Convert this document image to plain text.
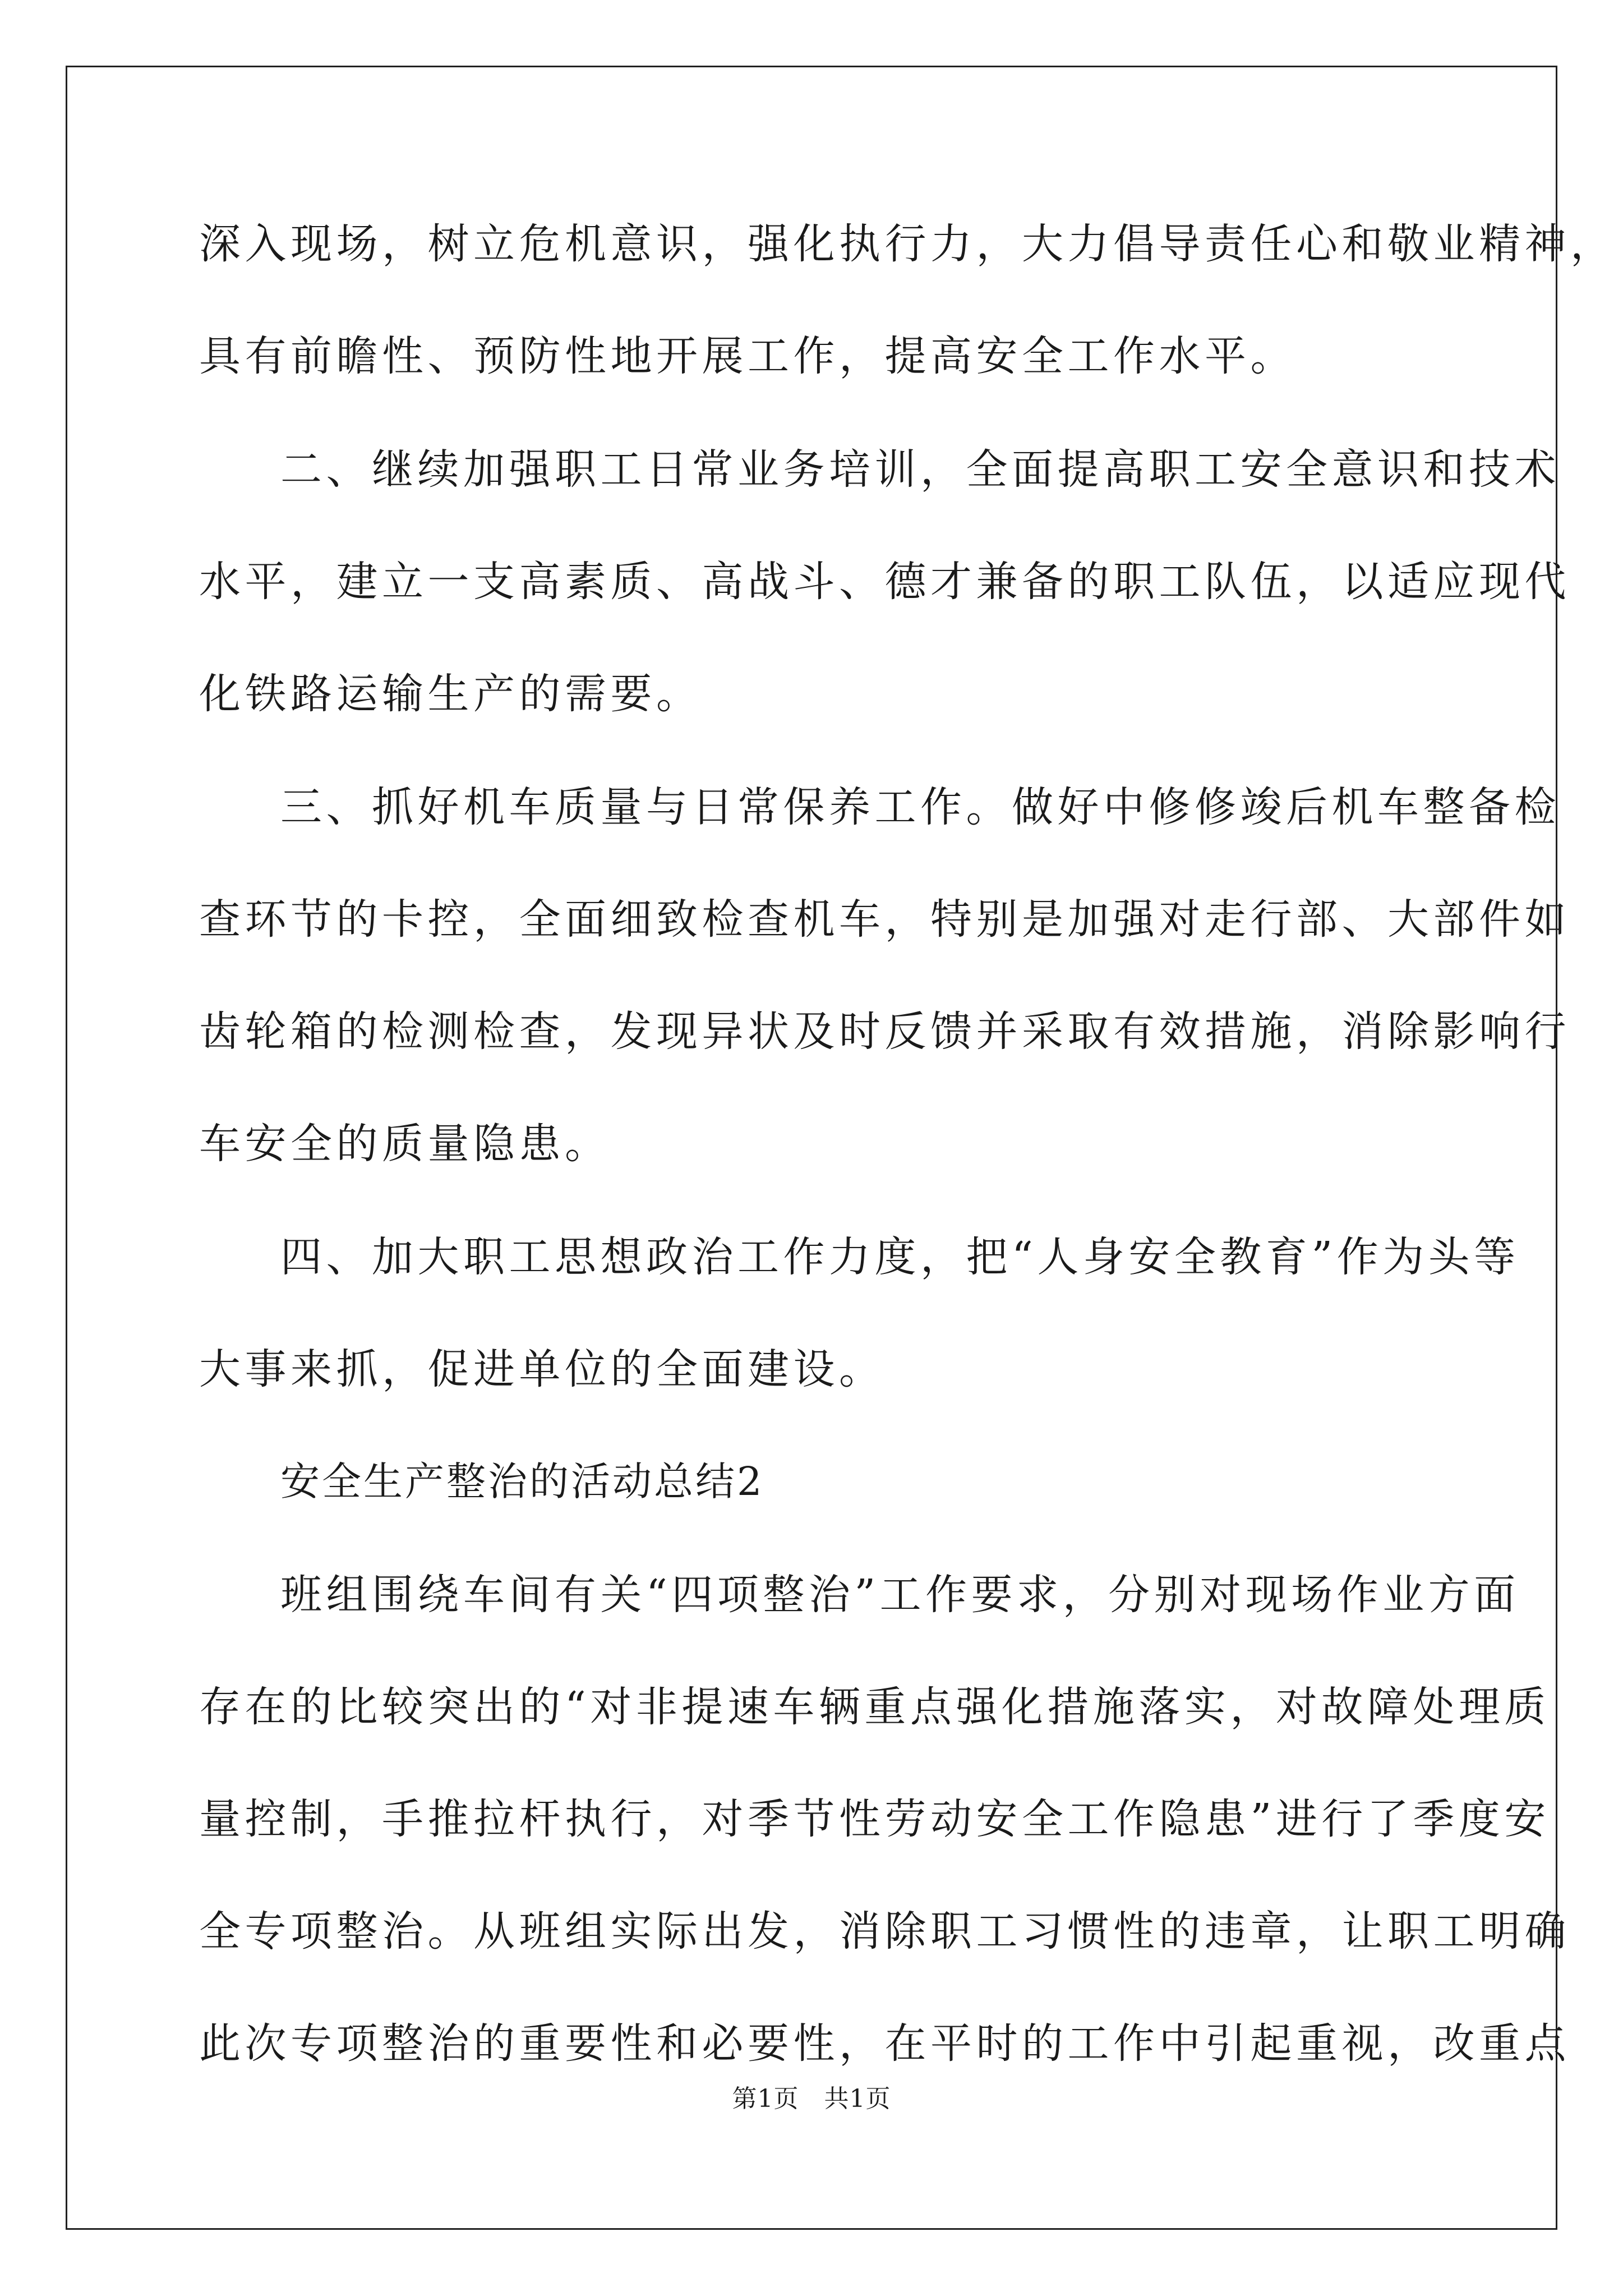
深入现场，树立危机意识，强化执行力，大力倡导责任心和敬业精神，
具有前瞻性、预防性地开展工作，提高安全工作水平。
二、继续加强职工日常业务培训，全面提高职工安全意识和技术
水平，建立一支高素质、高战斗、德才兼备的职工队伍，以适应现代
化铁路运输生产的需要。
三、抓好机车质量与日常保养工作。做好中修修竣后机车整备检
查环节的卡控，全面细致检查机车，特别是加强对走行部、大部件如
齿轮箱的检测检查，发现异状及时反馈并采取有效措施，消除影响行
车安全的质量隐患。
四、加大职工思想政治工作力度，把“人身安全教育”作为头等
大事来抓，促进单位的全面建设。
安全生产整治的活动总结2
班组围绕车间有关“四项整治”工作要求，分别对现场作业方面
存在的比较突出的“对非提速车辆重点强化措施落实，对故障处理质
量控制，手推拉杆执行，对季节性劳动安全工作隐患”进行了季度安
全专项整治。从班组实际出发，消除职工习惯性的违章，让职工明确
此次专项整治的重要性和必要性，在平时的工作中引起重视，改重点
第1页   共1页
